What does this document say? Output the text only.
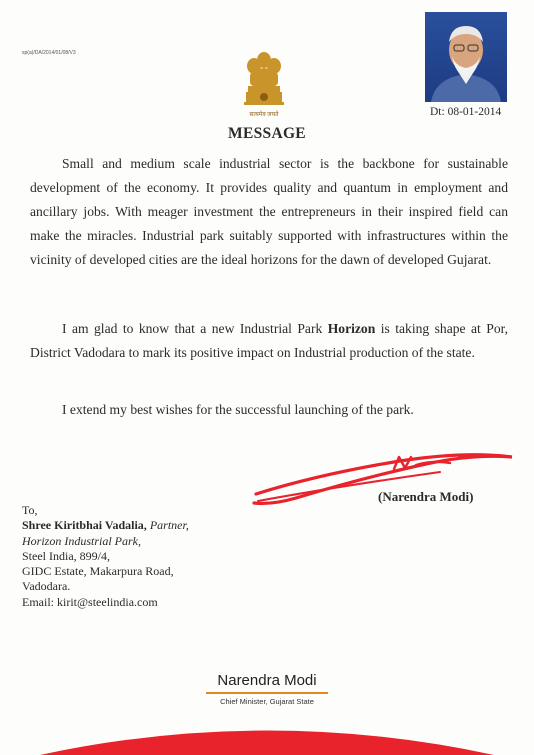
sp(a)/DA/2014/01/08/V3
सत्यमेव जयते	Dt: 08-01-2014
MESSAGE

Small and medium scale industrial sector is the backbone for sustainable development of the economy. It provides quality and quantum in employment and ancillary jobs. With meager investment the entrepreneurs in their inspired field can make the miracles. Industrial park suitably supported with infrastructures within the vicinity of developed cities are the ideal horizons for the dawn of developed Gujarat.

I am glad to know that a new Industrial Park Horizon is taking shape at Por, District Vadodara to mark its positive impact on Industrial production of the state.

I extend my best wishes for the successful launching of the park.

(Narendra Modi)
To,
Shree Kiritbhai Vadalia, Partner,
Horizon Industrial Park,
Steel India, 899/4,
GIDC Estate, Makarpura Road,
Vadodara.
Email: kirit@steelindia.com
Narendra Modi
Chief Minister, Gujarat State
